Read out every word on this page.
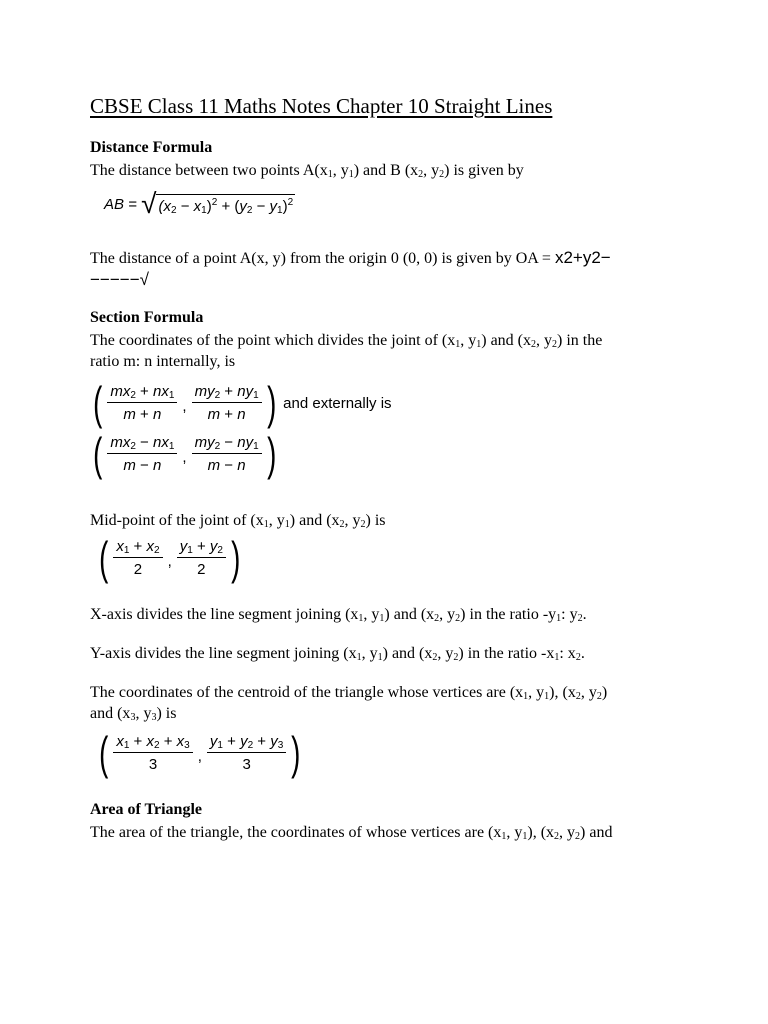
CBSE Class 11 Maths Notes Chapter 10 Straight Lines
Distance Formula
The distance between two points $A(x_1$, $y_1$) and B ($x_2$, $y_2$) is given by
AB =
√ $(x_2 - x_1)^2 + (y_2 - y_1)^2$
The distance of a point A(x, y) from the origin 0 (0, 0) is given by OA = x2+y2−
−−−−−√
Section Formula
The coordinates of the point which divides the joint of ($x_1$, $y_1$) and ($x_2$, $y_2$) in the
ratio m: n internally, is
( $\frac{mx_2 + nx_1}{m + n}$ , $\frac{my_2 + ny_1}{m + n}$ )
and externally is
( $\frac{mx_2 - nx_1}{m - n}$ , $\frac{my_2 - ny_1}{m - n}$ )
Mid-point of the joint of ($x_1$, $y_1$) and ($x_2$, $y_2$) is
( $\frac{x_1 + x_2}{2}$ , $\frac{y_1 + y_2}{2}$ )
X-axis divides the line segment joining ($x_1$, $y_1$) and ($x_2$, $y_2$) in the ratio $-y_1$: $y_2$.
Y-axis divides the line segment joining ($x_1$, $y_1$) and ($x_2$, $y_2$) in the ratio $-x_1$: $x_2$.
The coordinates of the centroid of the triangle whose vertices are ($x_1$, $y_1$), ($x_2$, $y_2$)
and ($x_3$, $y_3$) is
( $\frac{x_1 + x_2 + x_3}{3}$ , $\frac{y_1 + y_2 + y_3}{3}$ )
Area of Triangle
The area of the triangle, the coordinates of whose vertices are ($x_1$, $y_1$), ($x_2$, $y_2$) and
